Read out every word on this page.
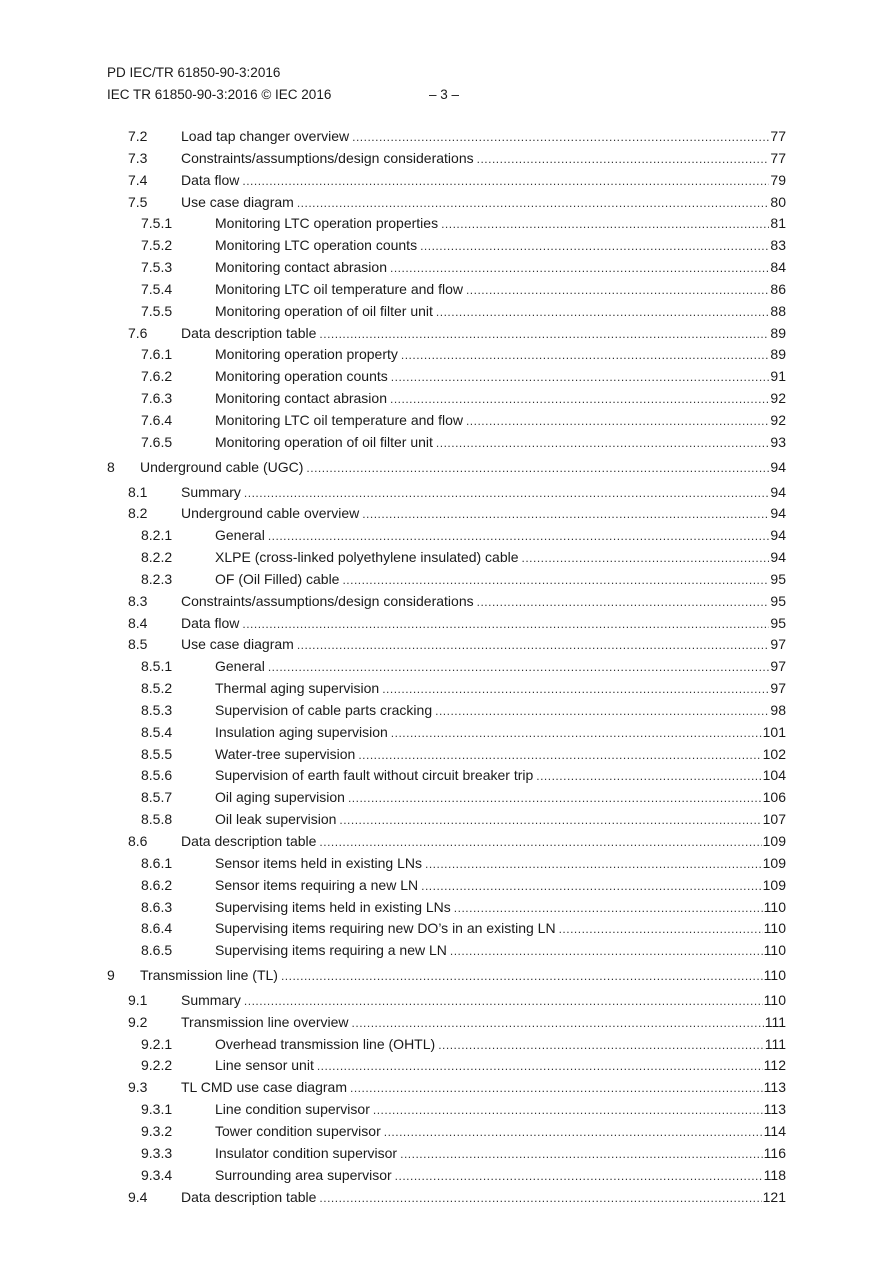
PD IEC/TR 61850-90-3:2016
IEC TR 61850-90-3:2016 © IEC 2016	– 3 –
7.2 Load tap changer overview .....	77
7.3 Constraints/assumptions/design considerations .....	77
7.4 Data flow .....	79
7.5 Use case diagram .....	80
7.5.1	Monitoring LTC operation properties .....	81
7.5.2	Monitoring LTC operation counts .....	83
7.5.3	Monitoring contact abrasion .....	84
7.5.4	Monitoring LTC oil temperature and flow .....	86
7.5.5	Monitoring operation of oil filter unit .....	88
7.6 Data description table .....	89
7.6.1	Monitoring operation property .....	89
7.6.2	Monitoring operation counts .....	91
7.6.3	Monitoring contact abrasion .....	92
7.6.4	Monitoring LTC oil temperature and flow .....	92
7.6.5	Monitoring operation of oil filter unit .....	93
8 Underground cable (UGC) .....	94
8.1 Summary .....	94
8.2 Underground cable overview .....	94
8.2.1	General .....	94
8.2.2	XLPE (cross-linked polyethylene insulated) cable .....	94
8.2.3	OF (Oil Filled) cable .....	95
8.3 Constraints/assumptions/design considerations .....	95
8.4 Data flow .....	95
8.5 Use case diagram .....	97
8.5.1	General .....	97
8.5.2	Thermal aging supervision .....	97
8.5.3	Supervision of cable parts cracking .....	98
8.5.4	Insulation aging supervision .....	101
8.5.5	Water-tree supervision .....	102
8.5.6	Supervision of earth fault without circuit breaker trip .....	104
8.5.7	Oil aging supervision .....	106
8.5.8	Oil leak supervision .....	107
8.6 Data description table .....	109
8.6.1	Sensor items held in existing LNs .....	109
8.6.2	Sensor items requiring a new LN .....	109
8.6.3	Supervising items held in existing LNs .....	110
8.6.4	Supervising items requiring new DO’s in an existing LN .....	110
8.6.5	Supervising items requiring a new LN .....	110
9 Transmission line (TL) .....	110
9.1 Summary .....	110
9.2 Transmission line overview .....	111
9.2.1	Overhead transmission line (OHTL) .....	111
9.2.2	Line sensor unit .....	112
9.3 TL CMD use case diagram .....	113
9.3.1	Line condition supervisor .....	113
9.3.2	Tower condition supervisor .....	114
9.3.3	Insulator condition supervisor .....	116
9.3.4	Surrounding area supervisor .....	118
9.4 Data description table .....	121
